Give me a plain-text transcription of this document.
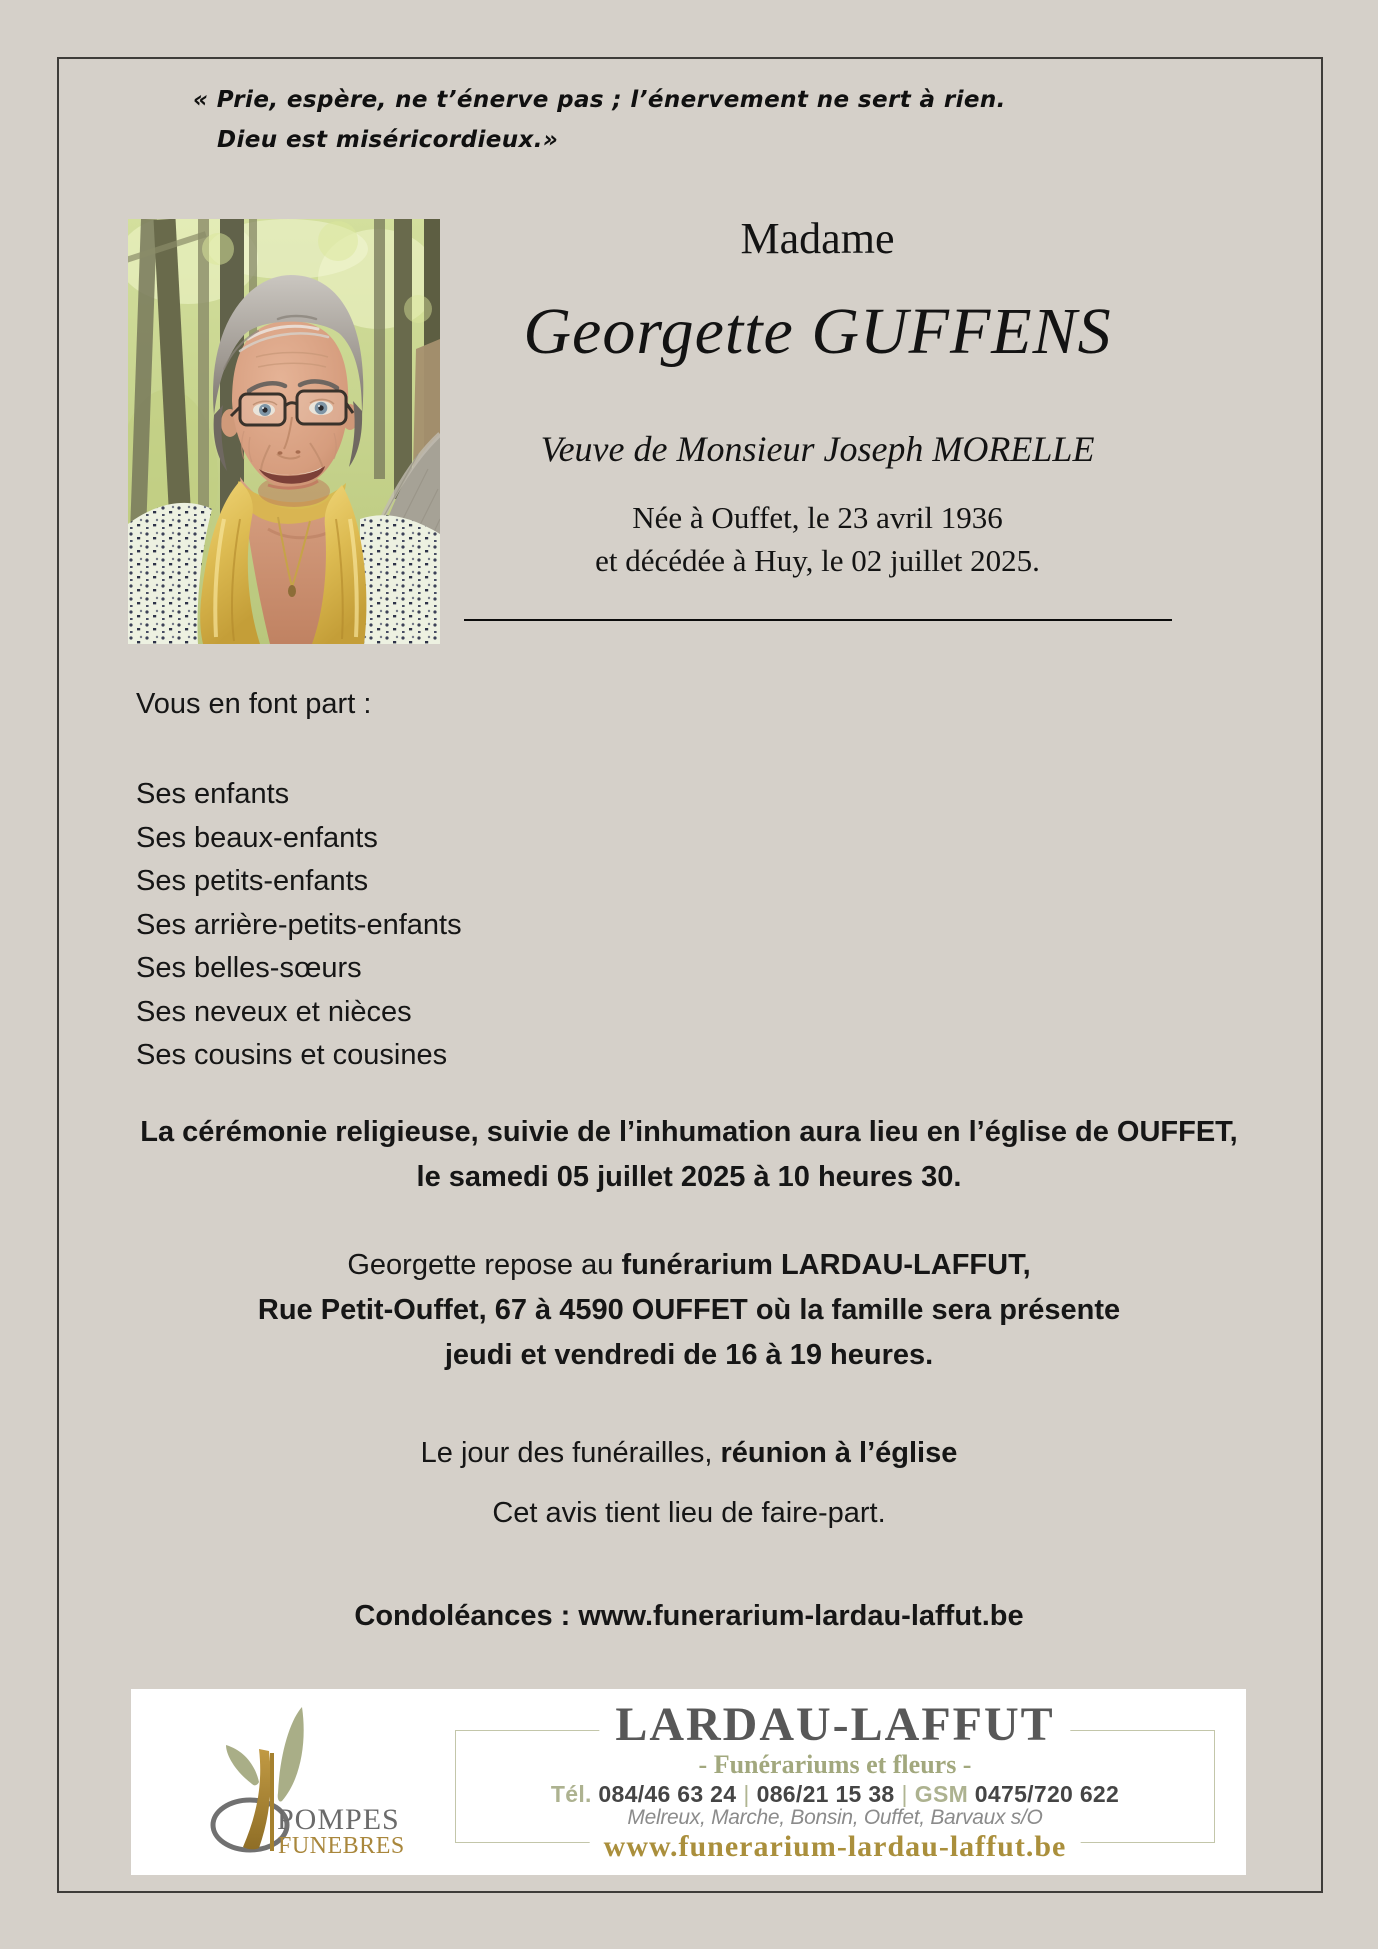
« Prie, espère, ne t’énerve pas ; l’énervement ne sert à rien.
Dieu est miséricordieux.»
Madame
Georgette GUFFENS
Veuve de Monsieur Joseph MORELLE
Née à Ouffet, le 23 avril 1936
et décédée à Huy, le 02 juillet 2025.
Vous en font part :
Ses enfants
Ses beaux-enfants
Ses petits-enfants
Ses arrière-petits-enfants
Ses belles-sœurs
Ses neveux et nièces
Ses cousins et cousines
La cérémonie religieuse, suivie de l’inhumation aura lieu en l’église de OUFFET,
le samedi 05 juillet 2025 à 10 heures 30.
Georgette repose au funérarium LARDAU-LAFFUT,
Rue Petit-Ouffet, 67 à 4590 OUFFET où la famille sera présente
jeudi et vendredi de 16 à 19 heures.
Le jour des funérailles, réunion à l’église
Cet avis tient lieu de faire-part.
Condoléances : www.funerarium-lardau-laffut.be
POMPES
FUNEBRES
LARDAU-LAFFUT
- Funérariums et fleurs -
Tél. 084/46 63 24 | 086/21 15 38 | GSM 0475/720 622
Melreux, Marche, Bonsin, Ouffet, Barvaux s/O
www.funerarium-lardau-laffut.be
